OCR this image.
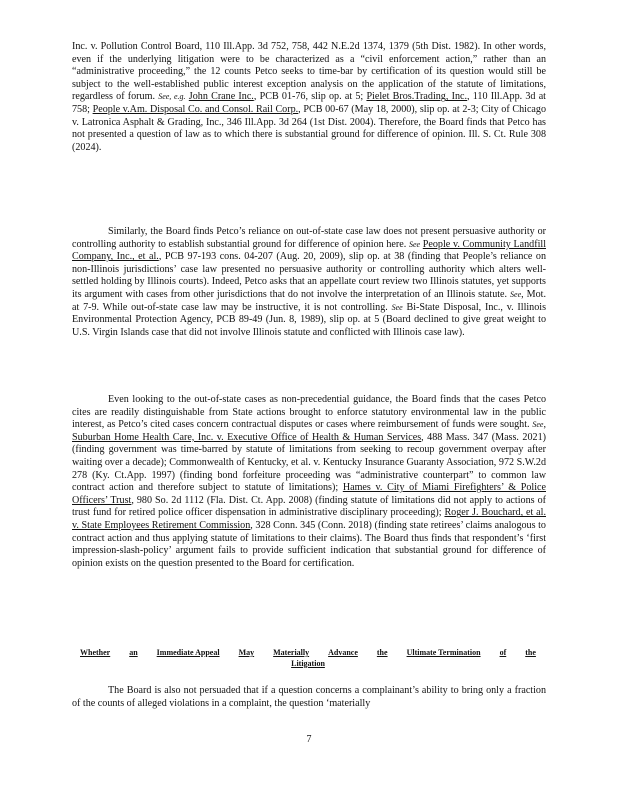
Inc. v. Pollution Control Board, 110 Ill.App. 3d 752, 758, 442 N.E.2d 1374, 1379 (5th Dist. 1982). In other words, even if the underlying litigation were to be characterized as a “civil enforcement action,” rather than an “administrative proceeding,” the 12 counts Petco seeks to time-bar by certification of its question would still be subject to the well-established public interest exception analysis on the application of the statute of limitations, regardless of forum. See, e.g. John Crane Inc., PCB 01-76, slip op. at 5; Pielet Bros.Trading, Inc., 110 Ill.App. 3d at 758; People v.Am. Disposal Co. and Consol. Rail Corp., PCB 00-67 (May 18, 2000), slip op. at 2-3; City of Chicago v. Latronica Asphalt & Grading, Inc., 346 Ill.App. 3d 264 (1st Dist. 2004). Therefore, the Board finds that Petco has not presented a question of law as to which there is substantial ground for difference of opinion. Ill. S. Ct. Rule 308 (2024).

Similarly, the Board finds Petco’s reliance on out-of-state case law does not present persuasive authority or controlling authority to establish substantial ground for difference of opinion here. See People v. Community Landfill Company, Inc., et al., PCB 97-193 cons. 04-207 (Aug. 20, 2009), slip op. at 38 (finding that People’s reliance on non-Illinois jurisdictions’ case law presented no persuasive authority or controlling authority which alters well-settled holding by Illinois courts). Indeed, Petco asks that an appellate court review two Illinois statutes, yet supports its argument with cases from other jurisdictions that do not involve the interpretation of an Illinois statute. See, Mot. at 7-9. While out-of-state case law may be instructive, it is not controlling. See Bi-State Disposal, Inc., v. Illinois Environmental Protection Agency, PCB 89-49 (Jun. 8, 1989), slip op. at 5 (Board declined to give great weight to U.S. Virgin Islands case that did not involve Illinois statute and conflicted with Illinois case law).

Even looking to the out-of-state cases as non-precedential guidance, the Board finds that the cases Petco cites are readily distinguishable from State actions brought to enforce statutory environmental law in the public interest, as Petco’s cited cases concern contractual disputes or cases where reimbursement of funds were sought. See, Suburban Home Health Care, Inc. v. Executive Office of Health & Human Services, 488 Mass. 347 (Mass. 2021) (finding government was time-barred by statute of limitations from seeking to recoup government overpay after waiting over a decade); Commonwealth of Kentucky, et al. v. Kentucky Insurance Guaranty Association, 972 S.W.2d 278 (Ky. Ct.App. 1997) (finding bond forfeiture proceeding was “administrative counterpart” to common law contract action and therefore subject to statute of limitations); Hames v. City of Miami Firefighters’ & Police Officers’ Trust, 980 So. 2d 1112 (Fla. Dist. Ct. App. 2008) (finding statute of limitations did not apply to actions of trust fund for retired police officer dispensation in administrative disciplinary proceeding); Roger J. Bouchard, et al. v. State Employees Retirement Commission, 328 Conn. 345 (Conn. 2018) (finding state retirees’ claims analogous to contract action and thus applying statute of limitations to their claims). The Board thus finds that respondent’s ‘first impression-slash-policy’ argument fails to provide sufficient indication that substantial ground for difference of opinion exists on the question presented to the Board for certification.

Whether an Immediate Appeal May Materially Advance the Ultimate Termination of the
Litigation

The Board is also not persuaded that if a question concerns a complainant’s ability to bring only a fraction of the counts of alleged violations in a complaint, the question ‘materially

7
